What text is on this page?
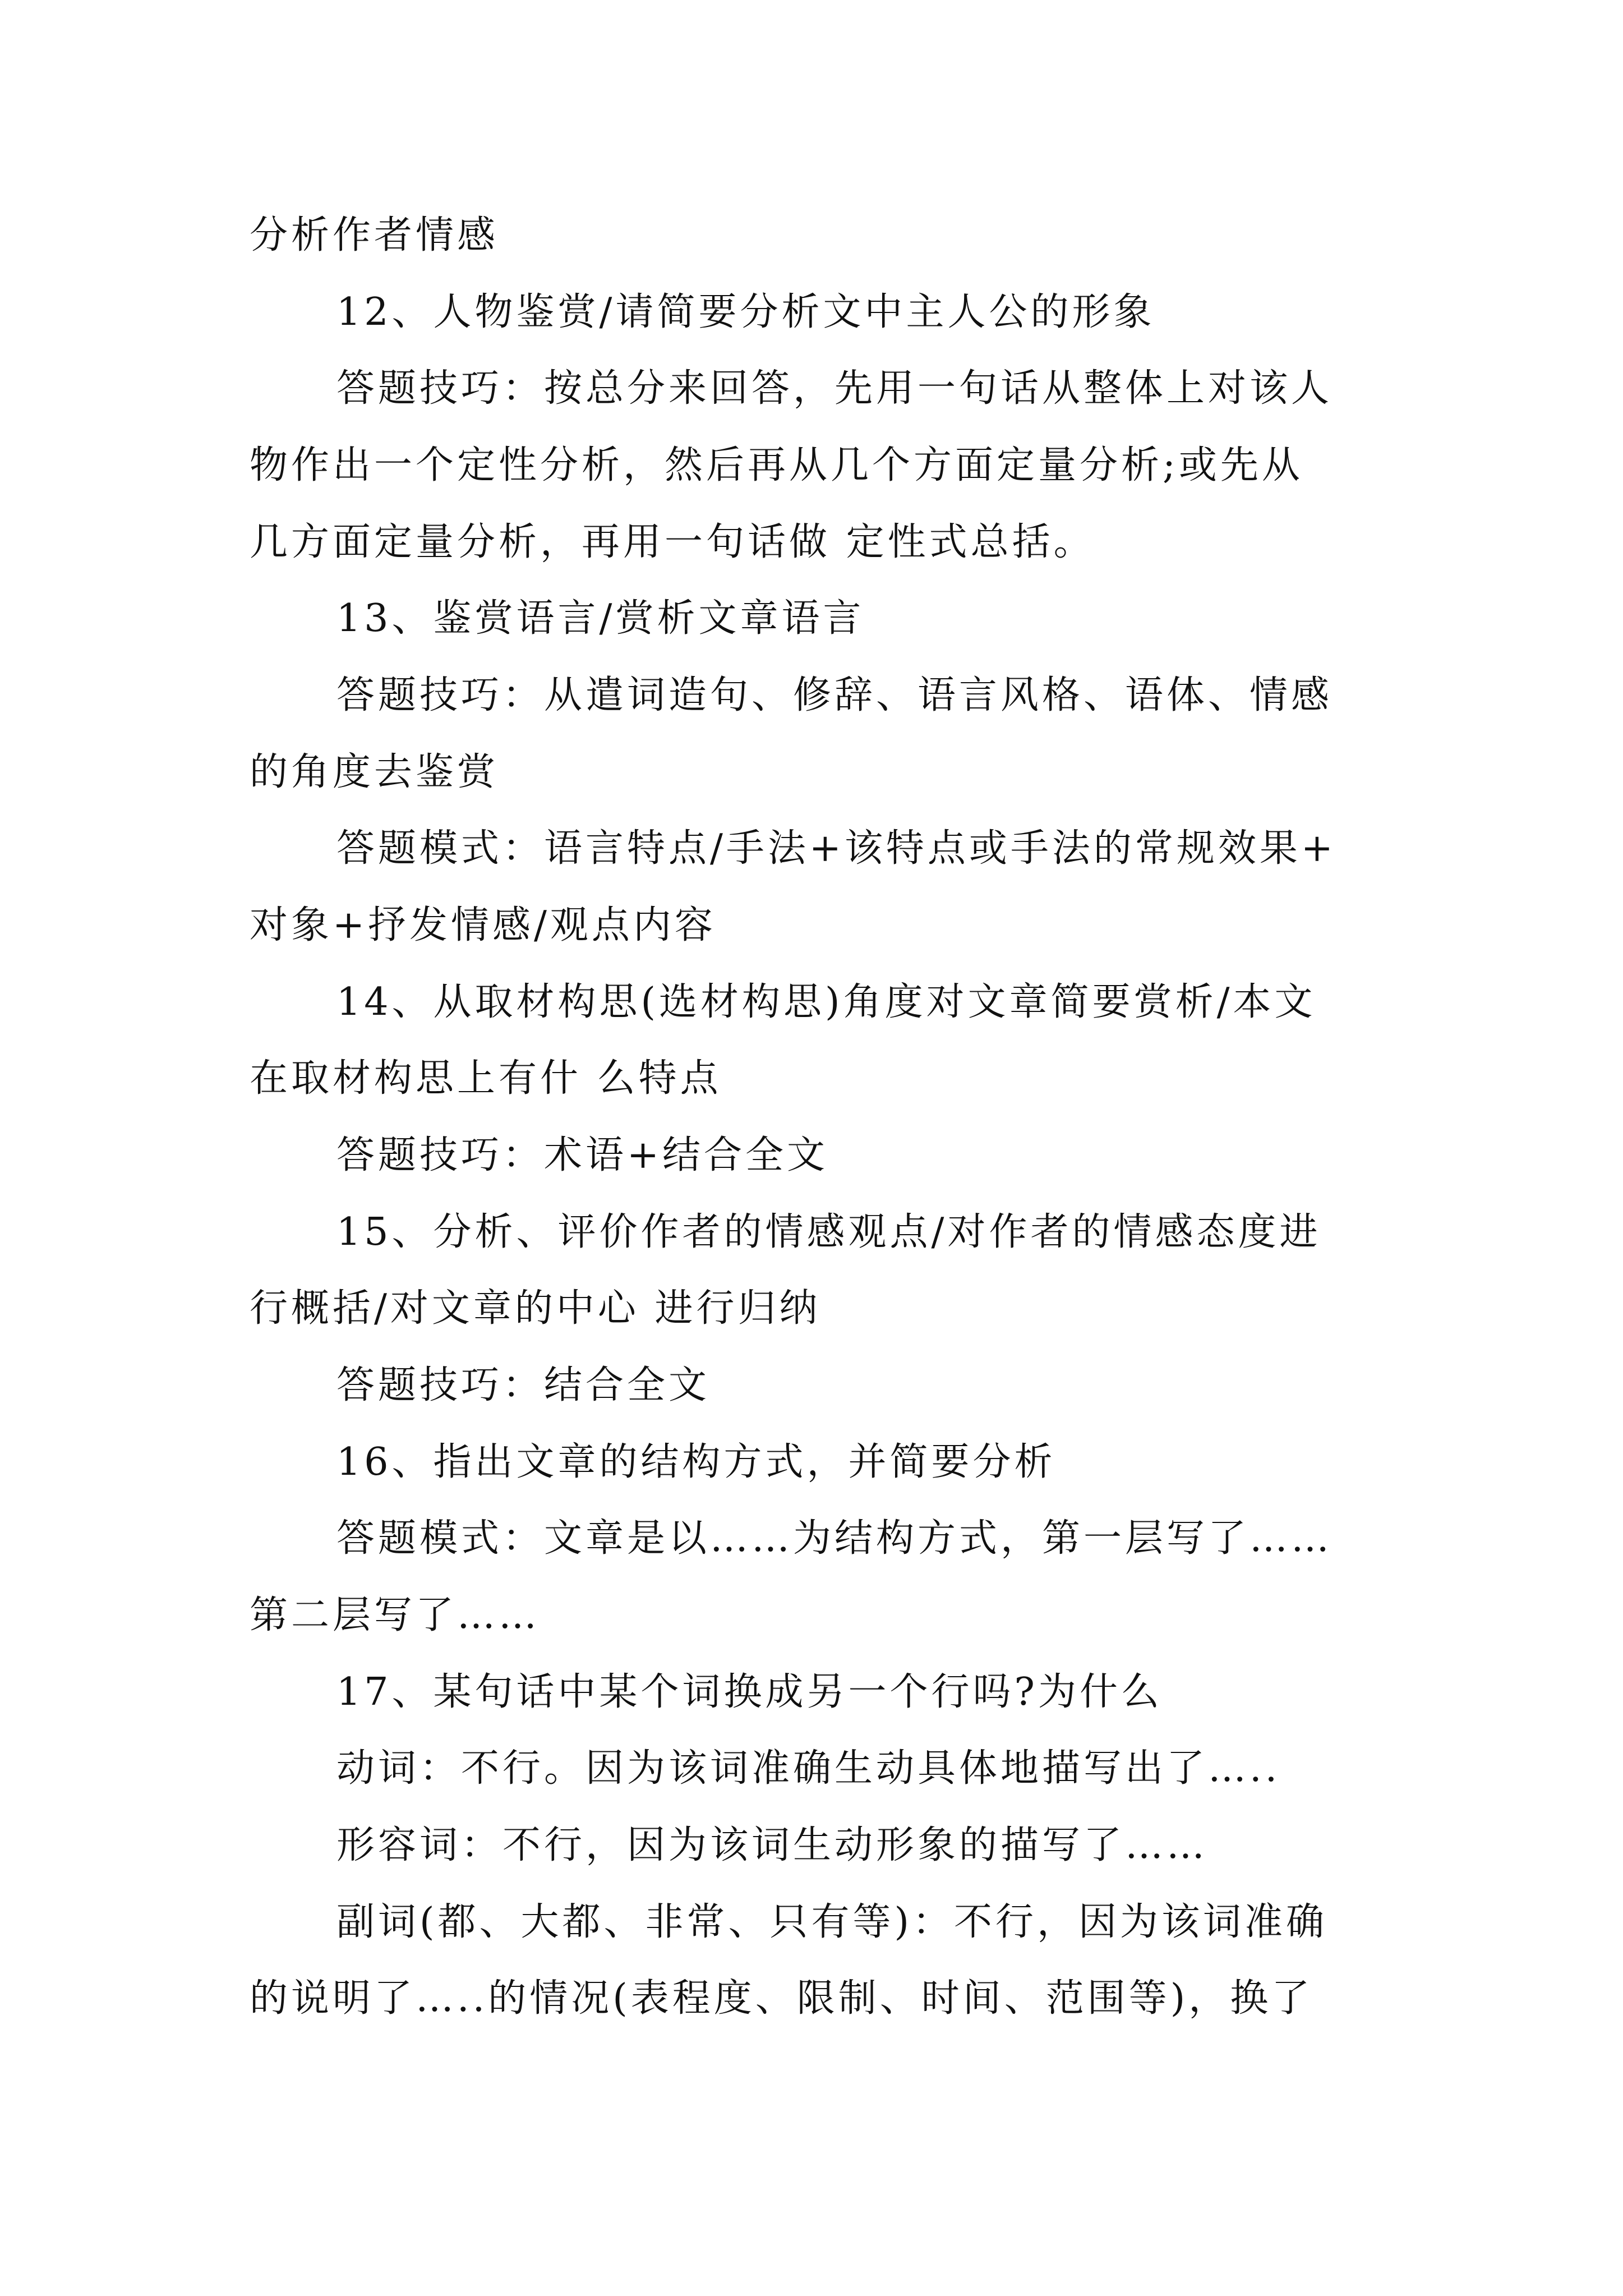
分析作者情感
12、人物鉴赏/请简要分析文中主人公的形象
答题技巧：按总分来回答，先用一句话从整体上对该人
物作出一个定性分析，然后再从几个方面定量分析;或先从
几方面定量分析，再用一句话做 定性式总括。
13、鉴赏语言/赏析文章语言
答题技巧：从遣词造句、修辞、语言风格、语体、情感
的角度去鉴赏
答题模式：语言特点/手法+该特点或手法的常规效果+
对象+抒发情感/观点内容
14、从取材构思(选材构思)角度对文章简要赏析/本文
在取材构思上有什 么特点
答题技巧：术语+结合全文
15、分析、评价作者的情感观点/对作者的情感态度进
行概括/对文章的中心 进行归纳
答题技巧：结合全文
16、指出文章的结构方式，并简要分析
答题模式：文章是以……为结构方式，第一层写了……
第二层写了……
17、某句话中某个词换成另一个行吗?为什么
动词：不行。因为该词准确生动具体地描写出了…..
形容词：不行，因为该词生动形象的描写了……
副词(都、大都、非常、只有等)：不行，因为该词准确
的说明了…..的情况(表程度、限制、时间、范围等)，换了
